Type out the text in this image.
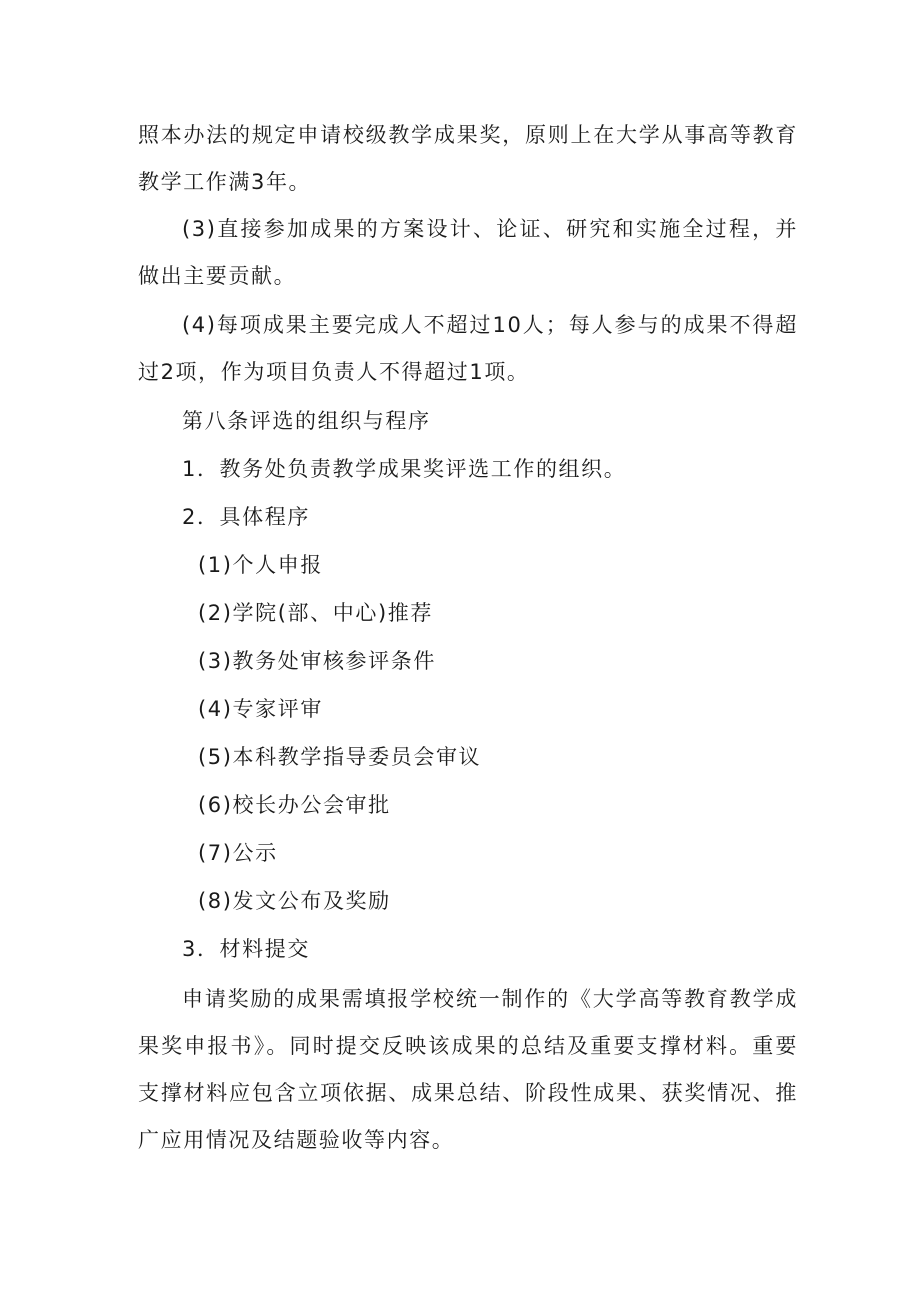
照本办法的规定申请校级教学成果奖，原则上在大学从事高等教育教学工作满3年。

(3)直接参加成果的方案设计、论证、研究和实施全过程，并做出主要贡献。

(4)每项成果主要完成人不超过10人；每人参与的成果不得超过2项，作为项目负责人不得超过1项。

第八条评选的组织与程序

1．教务处负责教学成果奖评选工作的组织。

2．具体程序

(1)个人申报

(2)学院(部、中心)推荐

(3)教务处审核参评条件

(4)专家评审

(5)本科教学指导委员会审议

(6)校长办公会审批

(7)公示

(8)发文公布及奖励

3．材料提交

申请奖励的成果需填报学校统一制作的《大学高等教育教学成果奖申报书》。同时提交反映该成果的总结及重要支撑材料。重要支撑材料应包含立项依据、成果总结、阶段性成果、获奖情况、推广应用情况及结题验收等内容。
